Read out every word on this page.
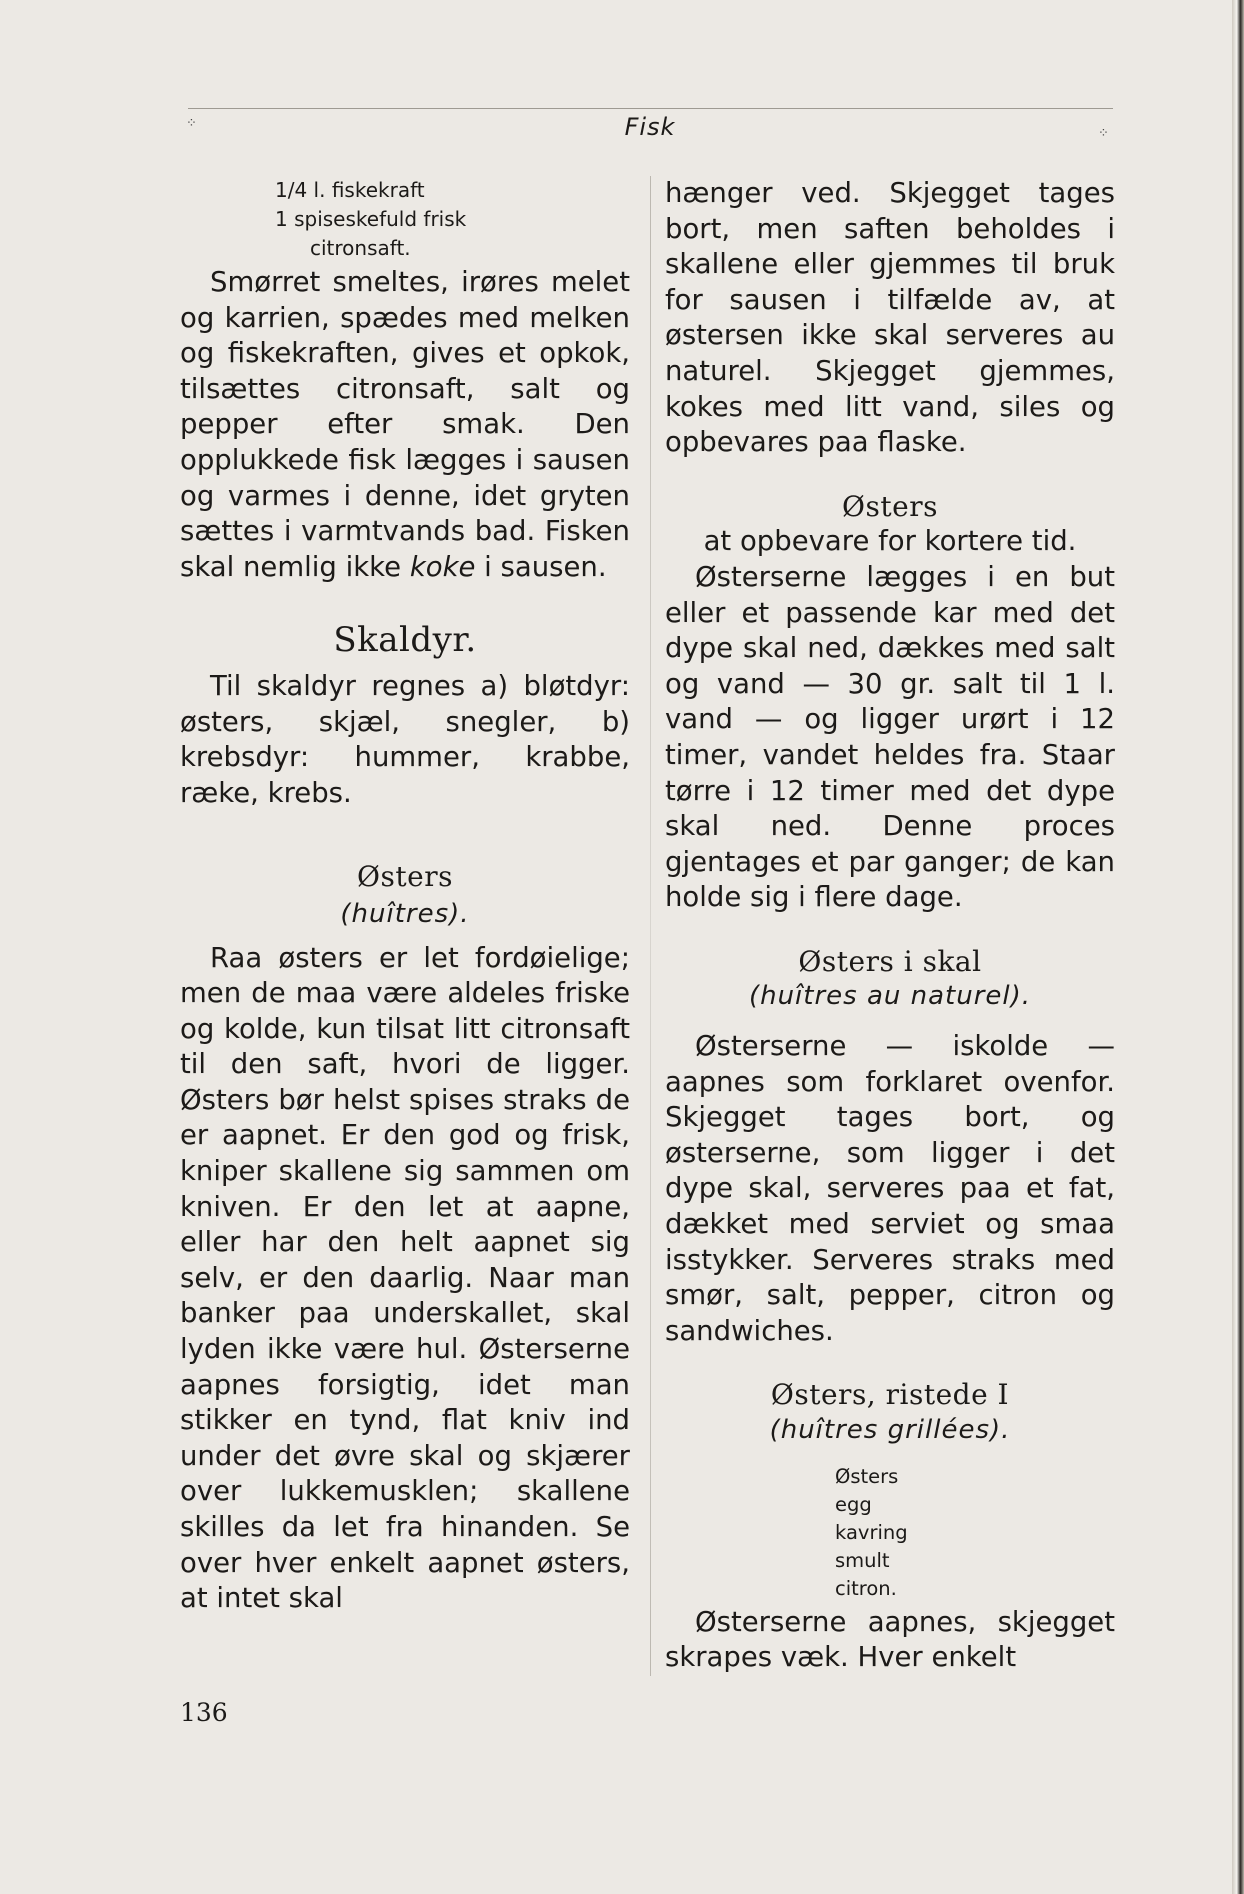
⁘	Fisk	⁘
1/4 l. fiskekraft
1 spiseskefuld frisk
citronsaft.

Smørret smeltes, irøres melet og karrien, spædes med melken og fiskekraften, gives et opkok, tilsættes citronsaft, salt og pepper efter smak. Den opplukkede fisk lægges i sausen og varmes i denne, idet gryten sættes i varmtvands bad. Fisken skal nemlig ikke koke i sausen.

Skaldyr.

Til skaldyr regnes a) bløtdyr: østers, skjæl, snegler, b) krebsdyr: hummer, krabbe, ræke, krebs.

Østers
(huîtres).

Raa østers er let fordøielige; men de maa være aldeles friske og kolde, kun tilsat litt citronsaft til den saft, hvori de ligger. Østers bør helst spises straks de er aapnet. Er den god og frisk, kniper skallene sig sammen om kniven. Er den let at aapne, eller har den helt aapnet sig selv, er den daarlig. Naar man banker paa underskallet, skal lyden ikke være hul. Østerserne aapnes forsigtig, idet man stikker en tynd, flat kniv ind under det øvre skal og skjærer over lukkemusklen; skallene skilles da let fra hinanden. Se over hver enkelt aapnet østers, at intet skal

hænger ved. Skjegget tages bort, men saften beholdes i skallene eller gjemmes til bruk for sausen i tilfælde av, at østersen ikke skal serveres au naturel. Skjegget gjemmes, kokes med litt vand, siles og opbevares paa flaske.

Østers
at opbevare for kortere tid.

Østerserne lægges i en but eller et passende kar med det dype skal ned, dækkes med salt og vand — 30 gr. salt til 1 l. vand — og ligger urørt i 12 timer, vandet heldes fra. Staar tørre i 12 timer med det dype skal ned. Denne proces gjentages et par ganger; de kan holde sig i flere dage.

Østers i skal
(huîtres au naturel).

Østerserne — iskolde — aapnes som forklaret ovenfor. Skjegget tages bort, og østerserne, som ligger i det dype skal, serveres paa et fat, dækket med serviet og smaa isstykker. Serveres straks med smør, salt, pepper, citron og sandwiches.

Østers, ristede I
(huîtres grillées).
Østers
egg
kavring
smult
citron.

Østerserne aapnes, skjegget skrapes væk. Hver enkelt

136
